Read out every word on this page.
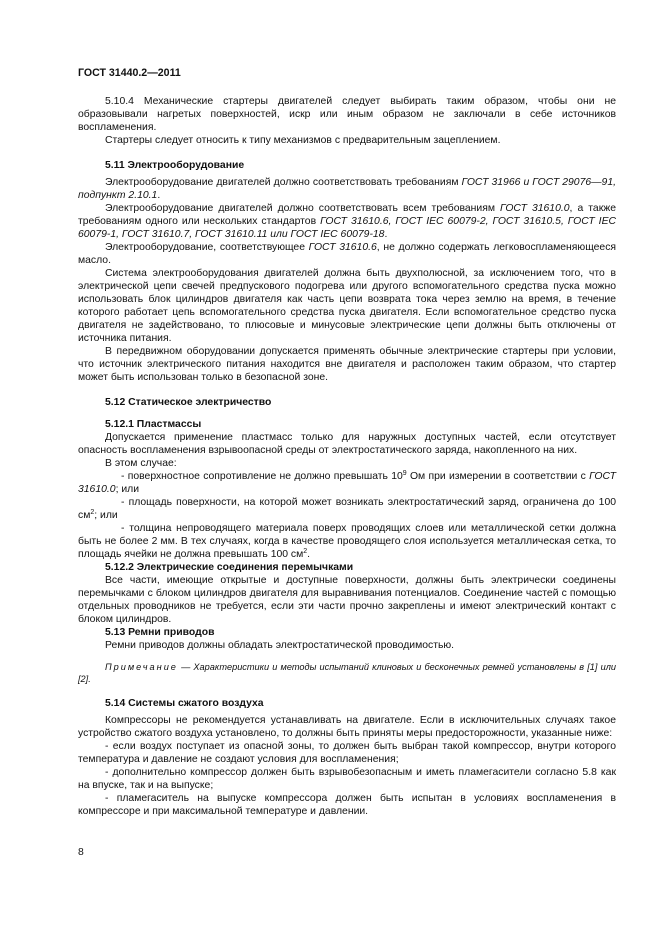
ГОСТ 31440.2—2011

5.10.4 Механические стартеры двигателей следует выбирать таким образом, чтобы они не образовывали нагретых поверхностей, искр или иным образом не заключали в себе источников воспламенения.

Стартеры следует относить к типу механизмов с предварительным зацеплением.

5.11 Электрооборудование

Электрооборудование двигателей должно соответствовать требованиям ГОСТ 31966 и ГОСТ 29076—91, подпункт 2.10.1.

Электрооборудование двигателей должно соответствовать всем требованиям ГОСТ 31610.0, а также требованиям одного или нескольких стандартов ГОСТ 31610.6, ГОСТ IEC 60079-2, ГОСТ 31610.5, ГОСТ IEC 60079-1, ГОСТ 31610.7, ГОСТ 31610.11 или ГОСТ IEC 60079-18.

Электрооборудование, соответствующее ГОСТ 31610.6, не должно содержать легковоспламеняющееся масло.

Система электрооборудования двигателей должна быть двухполюсной, за исключением того, что в электрической цепи свечей предпускового подогрева или другого вспомогательного средства пуска можно использовать блок цилиндров двигателя как часть цепи возврата тока через землю на время, в течение которого работает цепь вспомогательного средства пуска двигателя. Если вспомогательное средство пуска двигателя не задействовано, то плюсовые и минусовые электрические цепи должны быть отключены от источника питания.

В передвижном оборудовании допускается применять обычные электрические стартеры при условии, что источник электрического питания находится вне двигателя и расположен таким образом, что стартер может быть использован только в безопасной зоне.

5.12 Статическое электричество
5.12.1 Пластмассы

Допускается применение пластмасс только для наружных доступных частей, если отсутствует опасность воспламенения взрывоопасной среды от электростатического заряда, накопленного на них.

В этом случае:

- поверхностное сопротивление не должно превышать $10^9$ Ом при измерении в соответствии с ГОСТ 31610.0; или

- площадь поверхности, на которой может возникать электростатический заряд, ограничена до 100 $см^2$; или

- толщина непроводящего материала поверх проводящих слоев или металлической сетки должна быть не более 2 мм. В тех случаях, когда в качестве проводящего слоя используется металлическая сетка, то площадь ячейки не должна превышать 100 $см^2$.

5.12.2 Электрические соединения перемычками

Все части, имеющие открытые и доступные поверхности, должны быть электрически соединены перемычками с блоком цилиндров двигателя для выравнивания потенциалов. Соединение частей с помощью отдельных проводников не требуется, если эти части прочно закреплены и имеют электрический контакт с блоком цилиндров.

5.13 Ремни приводов

Ремни приводов должны обладать электростатической проводимостью.

Примечание — Характеристики и методы испытаний клиновых и бесконечных ремней установлены в [1] или [2].

5.14 Системы сжатого воздуха

Компрессоры не рекомендуется устанавливать на двигателе. Если в исключительных случаях такое устройство сжатого воздуха установлено, то должны быть приняты меры предосторожности, указанные ниже:

- если воздух поступает из опасной зоны, то должен быть выбран такой компрессор, внутри которого температура и давление не создают условия для воспламенения;

- дополнительно компрессор должен быть взрывобезопасным и иметь пламегасители согласно 5.8 как на впуске, так и на выпуске;

- пламегаситель на выпуске компрессора должен быть испытан в условиях воспламенения в компрессоре и при максимальной температуре и давлении.

8
